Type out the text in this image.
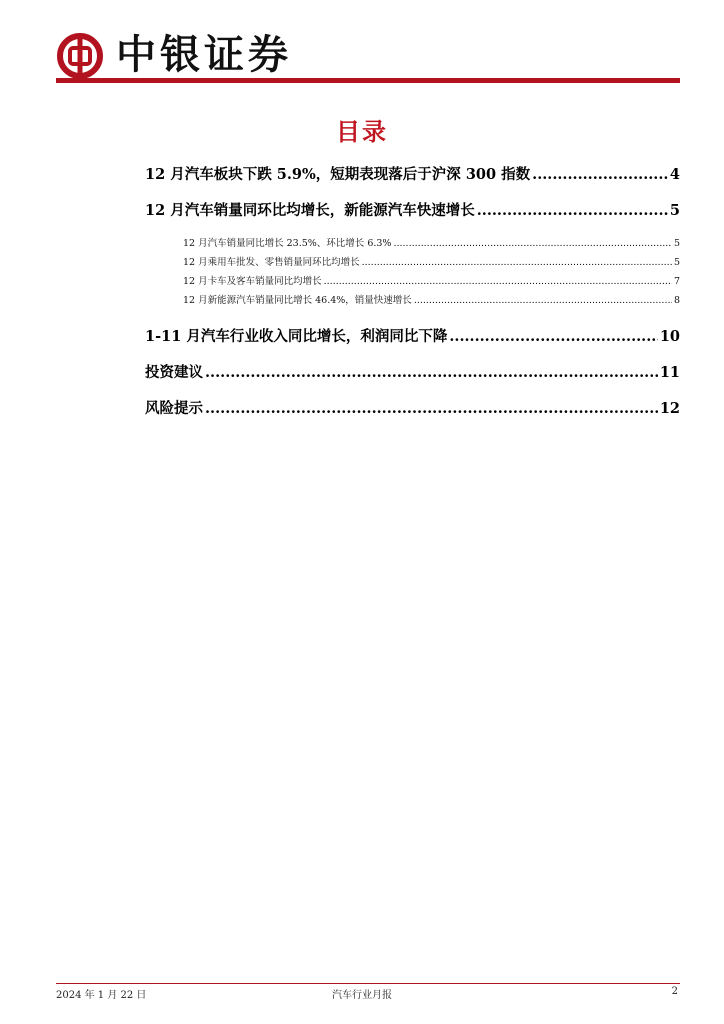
中银证券
目录
12 月汽车板块下跌 5.9%，短期表现落后于沪深 300 指数 .....	4
12 月汽车销量同环比均增长，新能源汽车快速增长 .....	5
12 月汽车销量同比增长 23.5%、环比增长 6.3% .....	5
12 月乘用车批发、零售销量同环比均增长 .....	5
12 月卡车及客车销量同比均增长 .....	7
12 月新能源汽车销量同比增长 46.4%，销量快速增长 .....	8
1-11 月汽车行业收入同比增长，利润同比下降 .....	10
投资建议 .....	11
风险提示 .....	12
2024 年 1 月 22 日	汽车行业月报	2
